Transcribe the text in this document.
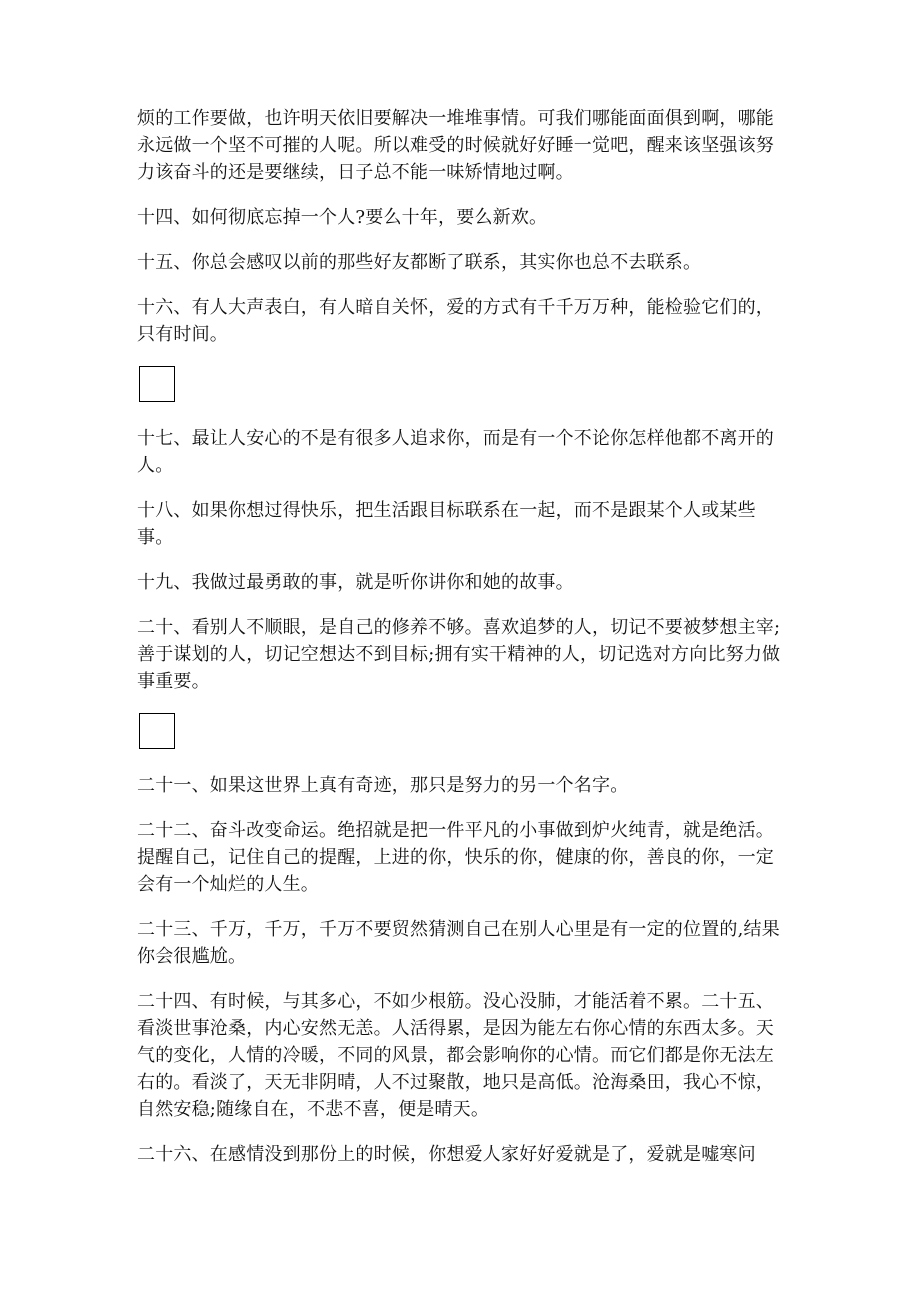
烦的工作要做，也许明天依旧要解决一堆堆事情。可我们哪能面面俱到啊，哪能永远做一个坚不可摧的人呢。所以难受的时候就好好睡一觉吧，醒来该坚强该努力该奋斗的还是要继续，日子总不能一味矫情地过啊。

十四、如何彻底忘掉一个人?要么十年，要么新欢。

十五、你总会感叹以前的那些好友都断了联系，其实你也总不去联系。

十六、有人大声表白，有人暗自关怀，爱的方式有千千万万种，能检验它们的，只有时间。

十七、最让人安心的不是有很多人追求你，而是有一个不论你怎样他都不离开的人。

十八、如果你想过得快乐，把生活跟目标联系在一起，而不是跟某个人或某些事。

十九、我做过最勇敢的事，就是听你讲你和她的故事。

二十、看别人不顺眼，是自己的修养不够。喜欢追梦的人，切记不要被梦想主宰;善于谋划的人，切记空想达不到目标;拥有实干精神的人，切记选对方向比努力做事重要。

二十一、如果这世界上真有奇迹，那只是努力的另一个名字。

二十二、奋斗改变命运。绝招就是把一件平凡的小事做到炉火纯青，就是绝活。提醒自己，记住自己的提醒，上进的你，快乐的你，健康的你，善良的你，一定会有一个灿烂的人生。

二十三、千万，千万，千万不要贸然猜测自己在别人心里是有一定的位置的,结果你会很尴尬。

二十四、有时候，与其多心，不如少根筋。没心没肺，才能活着不累。二十五、看淡世事沧桑，内心安然无恙。人活得累，是因为能左右你心情的东西太多。天气的变化，人情的冷暖，不同的风景，都会影响你的心情。而它们都是你无法左右的。看淡了，天无非阴晴，人不过聚散，地只是高低。沧海桑田，我心不惊，自然安稳;随缘自在，不悲不喜，便是晴天。

二十六、在感情没到那份上的时候，你想爱人家好好爱就是了，爱就是嘘寒问
